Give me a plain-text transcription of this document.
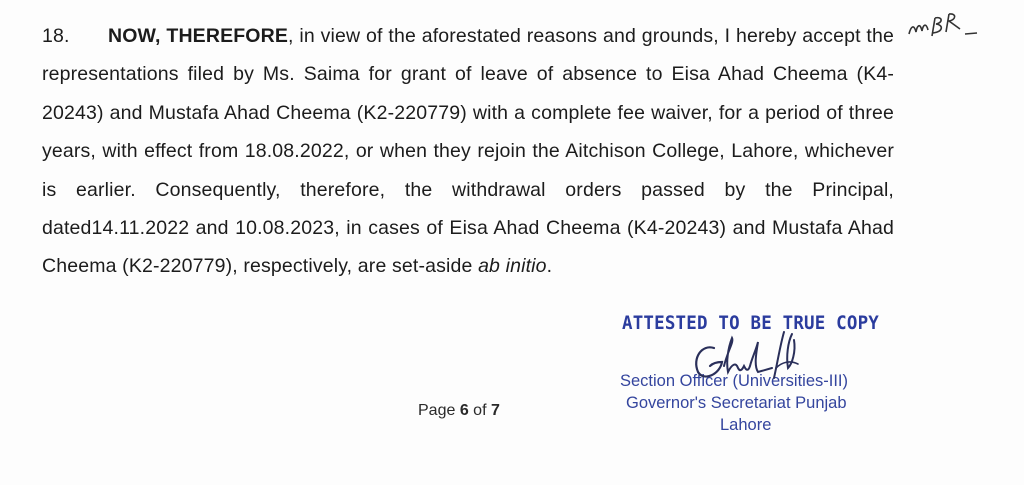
18. NOW, THEREFORE, in view of the aforestated reasons and grounds, I hereby accept the representations filed by Ms. Saima for grant of leave of absence to Eisa Ahad Cheema (K4-20243) and Mustafa Ahad Cheema (K2-220779) with a complete fee waiver, for a period of three years, with effect from 18.08.2022, or when they rejoin the Aitchison College, Lahore, whichever is earlier. Consequently, therefore, the withdrawal orders passed by the Principal, dated14.11.2022 and 10.08.2023, in cases of Eisa Ahad Cheema (K4-20243) and Mustafa Ahad Cheema (K2-220779), respectively, are set-aside ab initio.
Page 6 of 7
ATTESTED TO BE TRUE COPY
Section Officer (Universities-III)
Governor's Secretariat Punjab
Lahore
